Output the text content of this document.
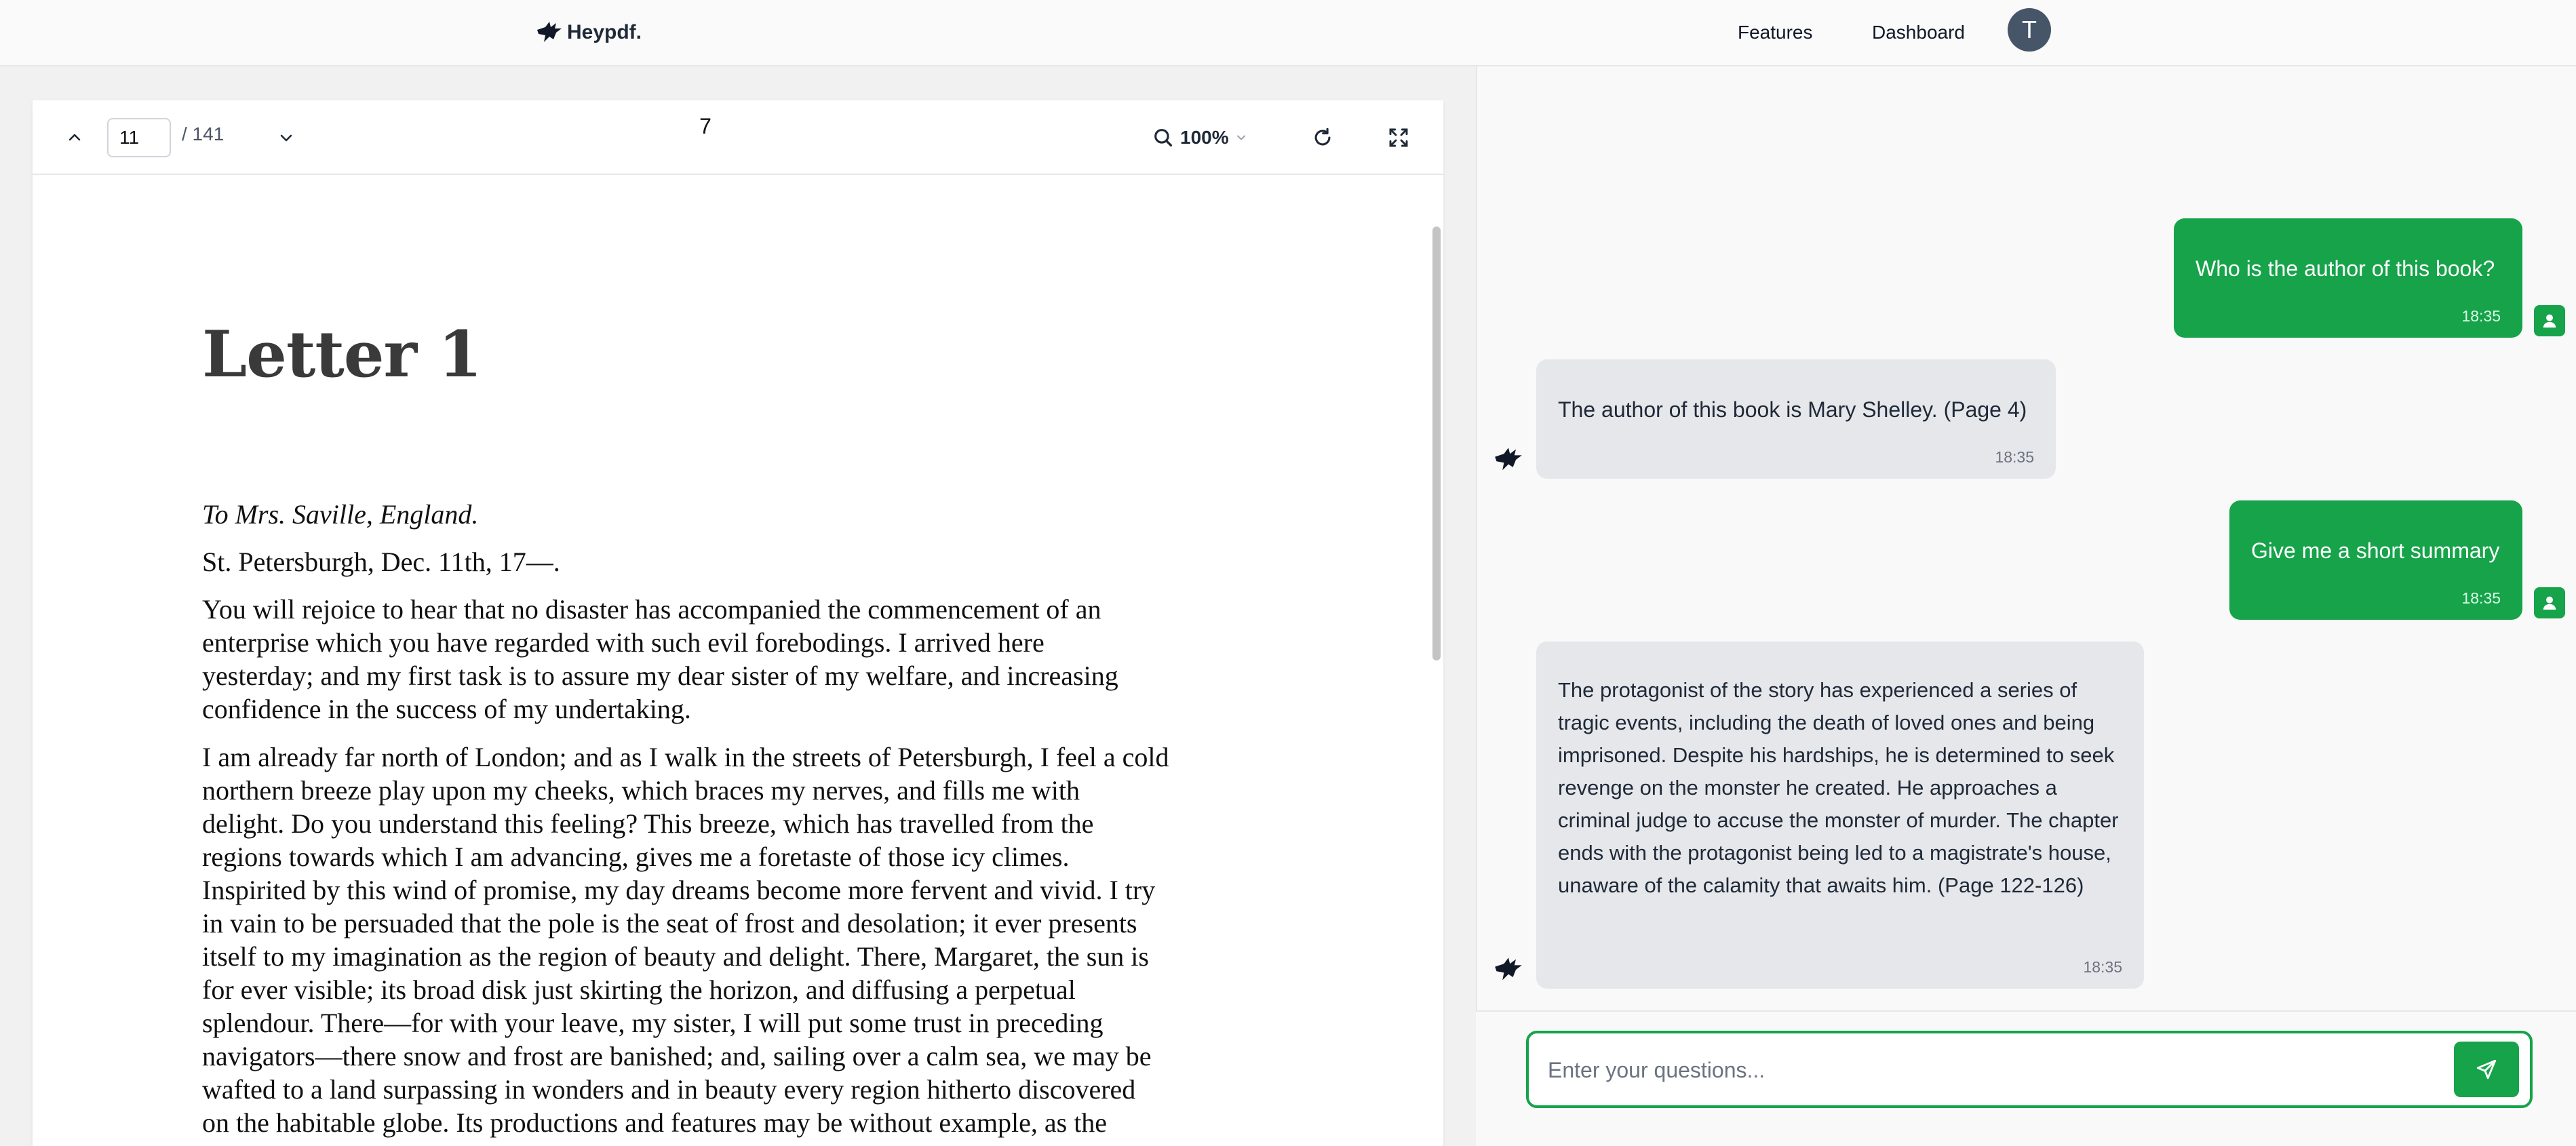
Heypdf.	Features	Dashboard	T
11
/ 141	100%
7
Letter 1
To Mrs. Saville, England.
St. Petersburgh, Dec. 11th, 17—.

You will rejoice to hear that no disaster has accompanied the commencement of an

enterprise which you have regarded with such evil forebodings. I arrived here

yesterday; and my first task is to assure my dear sister of my welfare, and increasing

confidence in the success of my undertaking.

I am already far north of London; and as I walk in the streets of Petersburgh, I feel a cold

northern breeze play upon my cheeks, which braces my nerves, and fills me with

delight. Do you understand this feeling? This breeze, which has travelled from the

regions towards which I am advancing, gives me a foretaste of those icy climes.

Inspirited by this wind of promise, my day dreams become more fervent and vivid. I try

in vain to be persuaded that the pole is the seat of frost and desolation; it ever presents

itself to my imagination as the region of beauty and delight. There, Margaret, the sun is

for ever visible; its broad disk just skirting the horizon, and diffusing a perpetual

splendour. There—for with your leave, my sister, I will put some trust in preceding

navigators—there snow and frost are banished; and, sailing over a calm sea, we may be

wafted to a land surpassing in wonders and in beauty every region hitherto discovered

on the habitable globe. Its productions and features may be without example, as the

Who is the author of this book?
18:35
The author of this book is Mary Shelley. (Page 4)
18:35
Give me a short summary
18:35
The protagonist of the story has experienced a series of tragic events, including the death of loved ones and being imprisoned. Despite his hardships, he is determined to seek revenge on the monster he created. He approaches a criminal judge to accuse the monster of murder. The chapter ends with the protagonist being led to a magistrate's house, unaware of the calamity that awaits him. (Page 122-126)
18:35
Enter your questions...
